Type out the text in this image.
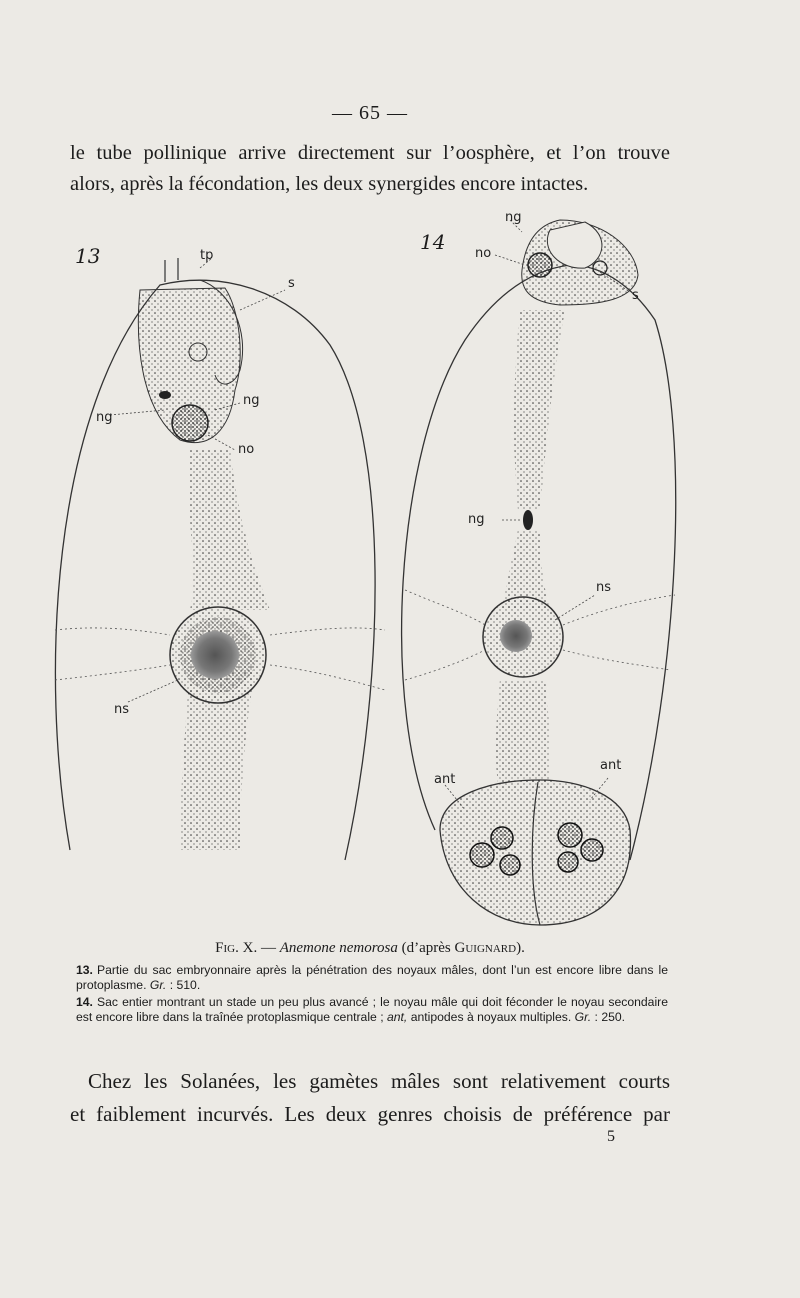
— 65 —
le tube pollinique arrive directement sur l’oosphère, et l’on trouve
alors, après la fécondation, les deux synergides encore intactes.
13
14
tp
s
ng
ng
no
ns
ng
no
s
ng
ns
ant
ant
Fig. X. — Anemone nemorosa (d’après Guignard).
13. Partie du sac embryonnaire après la pénétration des noyaux mâles, dont l’un est encore libre dans le protoplasme. Gr. : 510.
14. Sac entier montrant un stade un peu plus avancé ; le noyau mâle qui doit féconder le noyau secondaire est encore libre dans la traînée protoplasmique centrale ; ant, antipodes à noyaux multiples. Gr. : 250.
Chez les Solanées, les gamètes mâles sont relativement courts
et faiblement incurvés. Les deux genres choisis de préférence par
5
